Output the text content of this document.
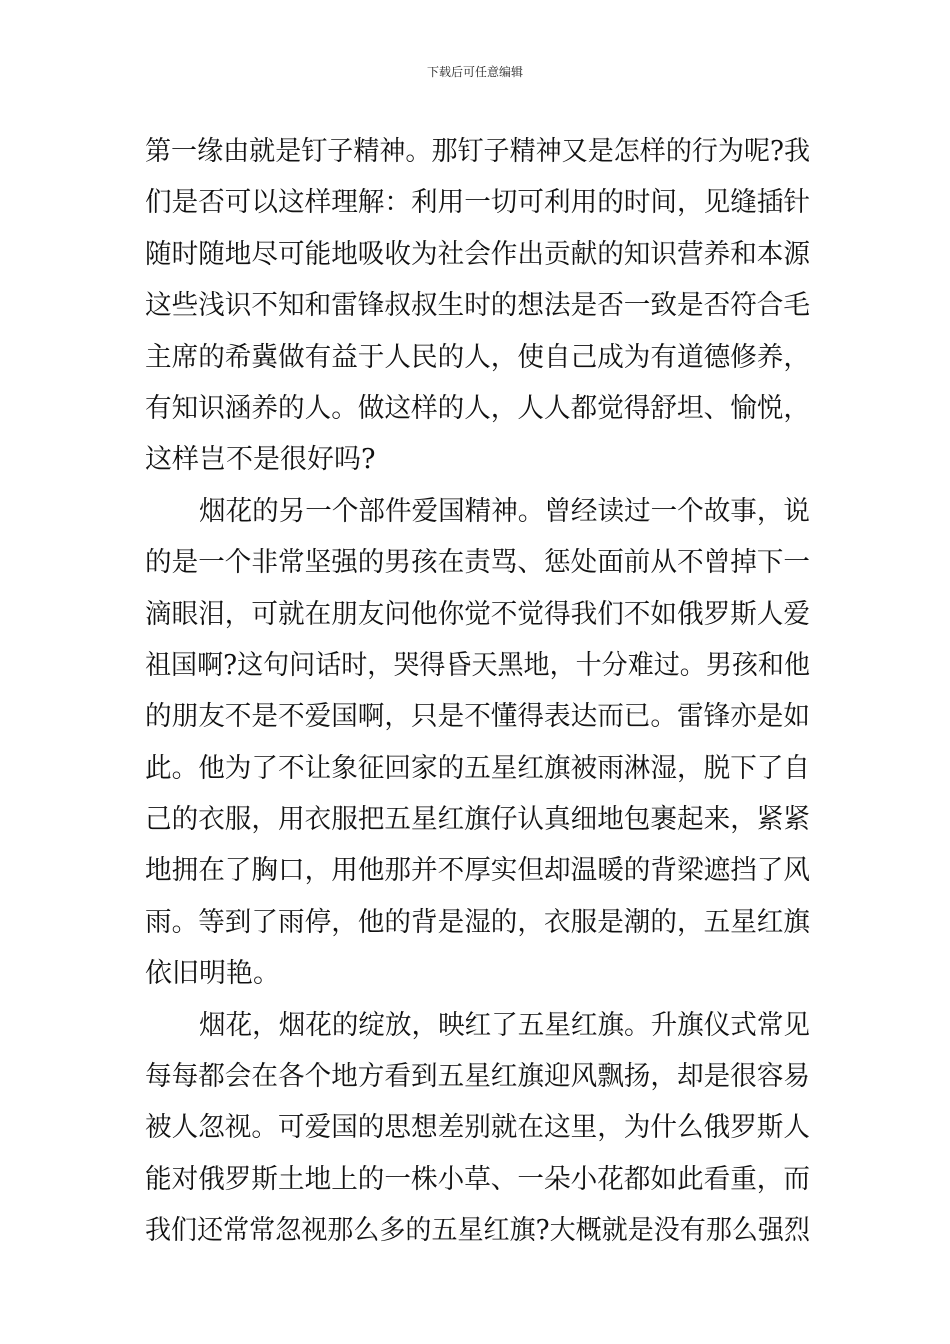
下载后可任意编辑
第一缘由就是钉子精神。那钉子精神又是怎样的行为呢?我
们是否可以这样理解：利用一切可利用的时间，见缝插针
随时随地尽可能地吸收为社会作出贡献的知识营养和本源
这些浅识不知和雷锋叔叔生时的想法是否一致是否符合毛
主席的希冀做有益于人民的人，使自己成为有道德修养，
有知识涵养的人。做这样的人，人人都觉得舒坦、愉悦，
这样岂不是很好吗?
烟花的另一个部件爱国精神。曾经读过一个故事，说
的是一个非常坚强的男孩在责骂、惩处面前从不曾掉下一
滴眼泪，可就在朋友问他你觉不觉得我们不如俄罗斯人爱
祖国啊?这句问话时，哭得昏天黑地，十分难过。男孩和他
的朋友不是不爱国啊，只是不懂得表达而已。雷锋亦是如
此。他为了不让象征回家的五星红旗被雨淋湿，脱下了自
己的衣服，用衣服把五星红旗仔认真细地包裹起来，紧紧
地拥在了胸口，用他那并不厚实但却温暖的背梁遮挡了风
雨。等到了雨停，他的背是湿的，衣服是潮的，五星红旗
依旧明艳。
烟花，烟花的绽放，映红了五星红旗。升旗仪式常见
每每都会在各个地方看到五星红旗迎风飘扬，却是很容易
被人忽视。可爱国的思想差别就在这里，为什么俄罗斯人
能对俄罗斯土地上的一株小草、一朵小花都如此看重，而
我们还常常忽视那么多的五星红旗?大概就是没有那么强烈
